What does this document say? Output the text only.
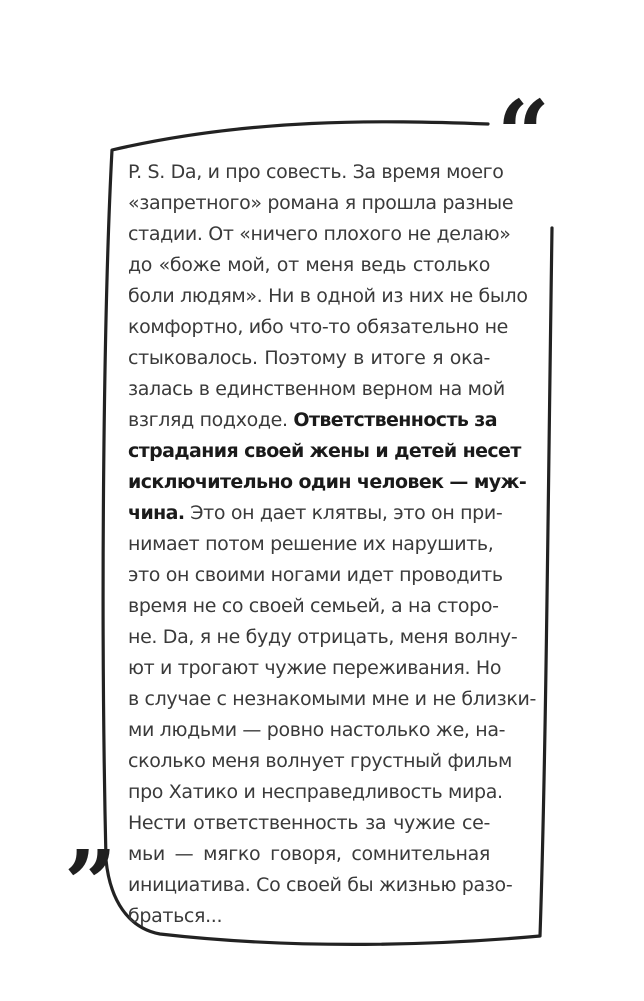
“
”
P. S. Da, и про совесть. За время моего
«запретного» романа я прошла разные
стадии. От «ничего плохого не делаю»
до «боже мой, от меня ведь столько
боли людям». Ни в одной из них не было
комфортно, ибо что-то обязательно не
стыковалось. Поэтому в итоге я ока-
залась в единственном верном на мой
взгляд подходе. Ответственность за
страдания своей жены и детей несет
исключительно один человек — муж-
чина. Это он дает клятвы, это он при-
нимает потом решение их нарушить,
это он своими ногами идет проводить
время не со своей семьей, а на сторо-
не. Da, я не буду отрицать, меня волну-
ют и трогают чужие переживания. Но
в случае с незнакомыми мне и не близки-
ми людьми — ровно настолько же, на-
сколько меня волнует грустный фильм
про Хатико и несправедливость мира.
Нести ответственность за чужие се-
мьи — мягко говоря, сомнительная
инициатива. Со своей бы жизнью разо-
браться...
